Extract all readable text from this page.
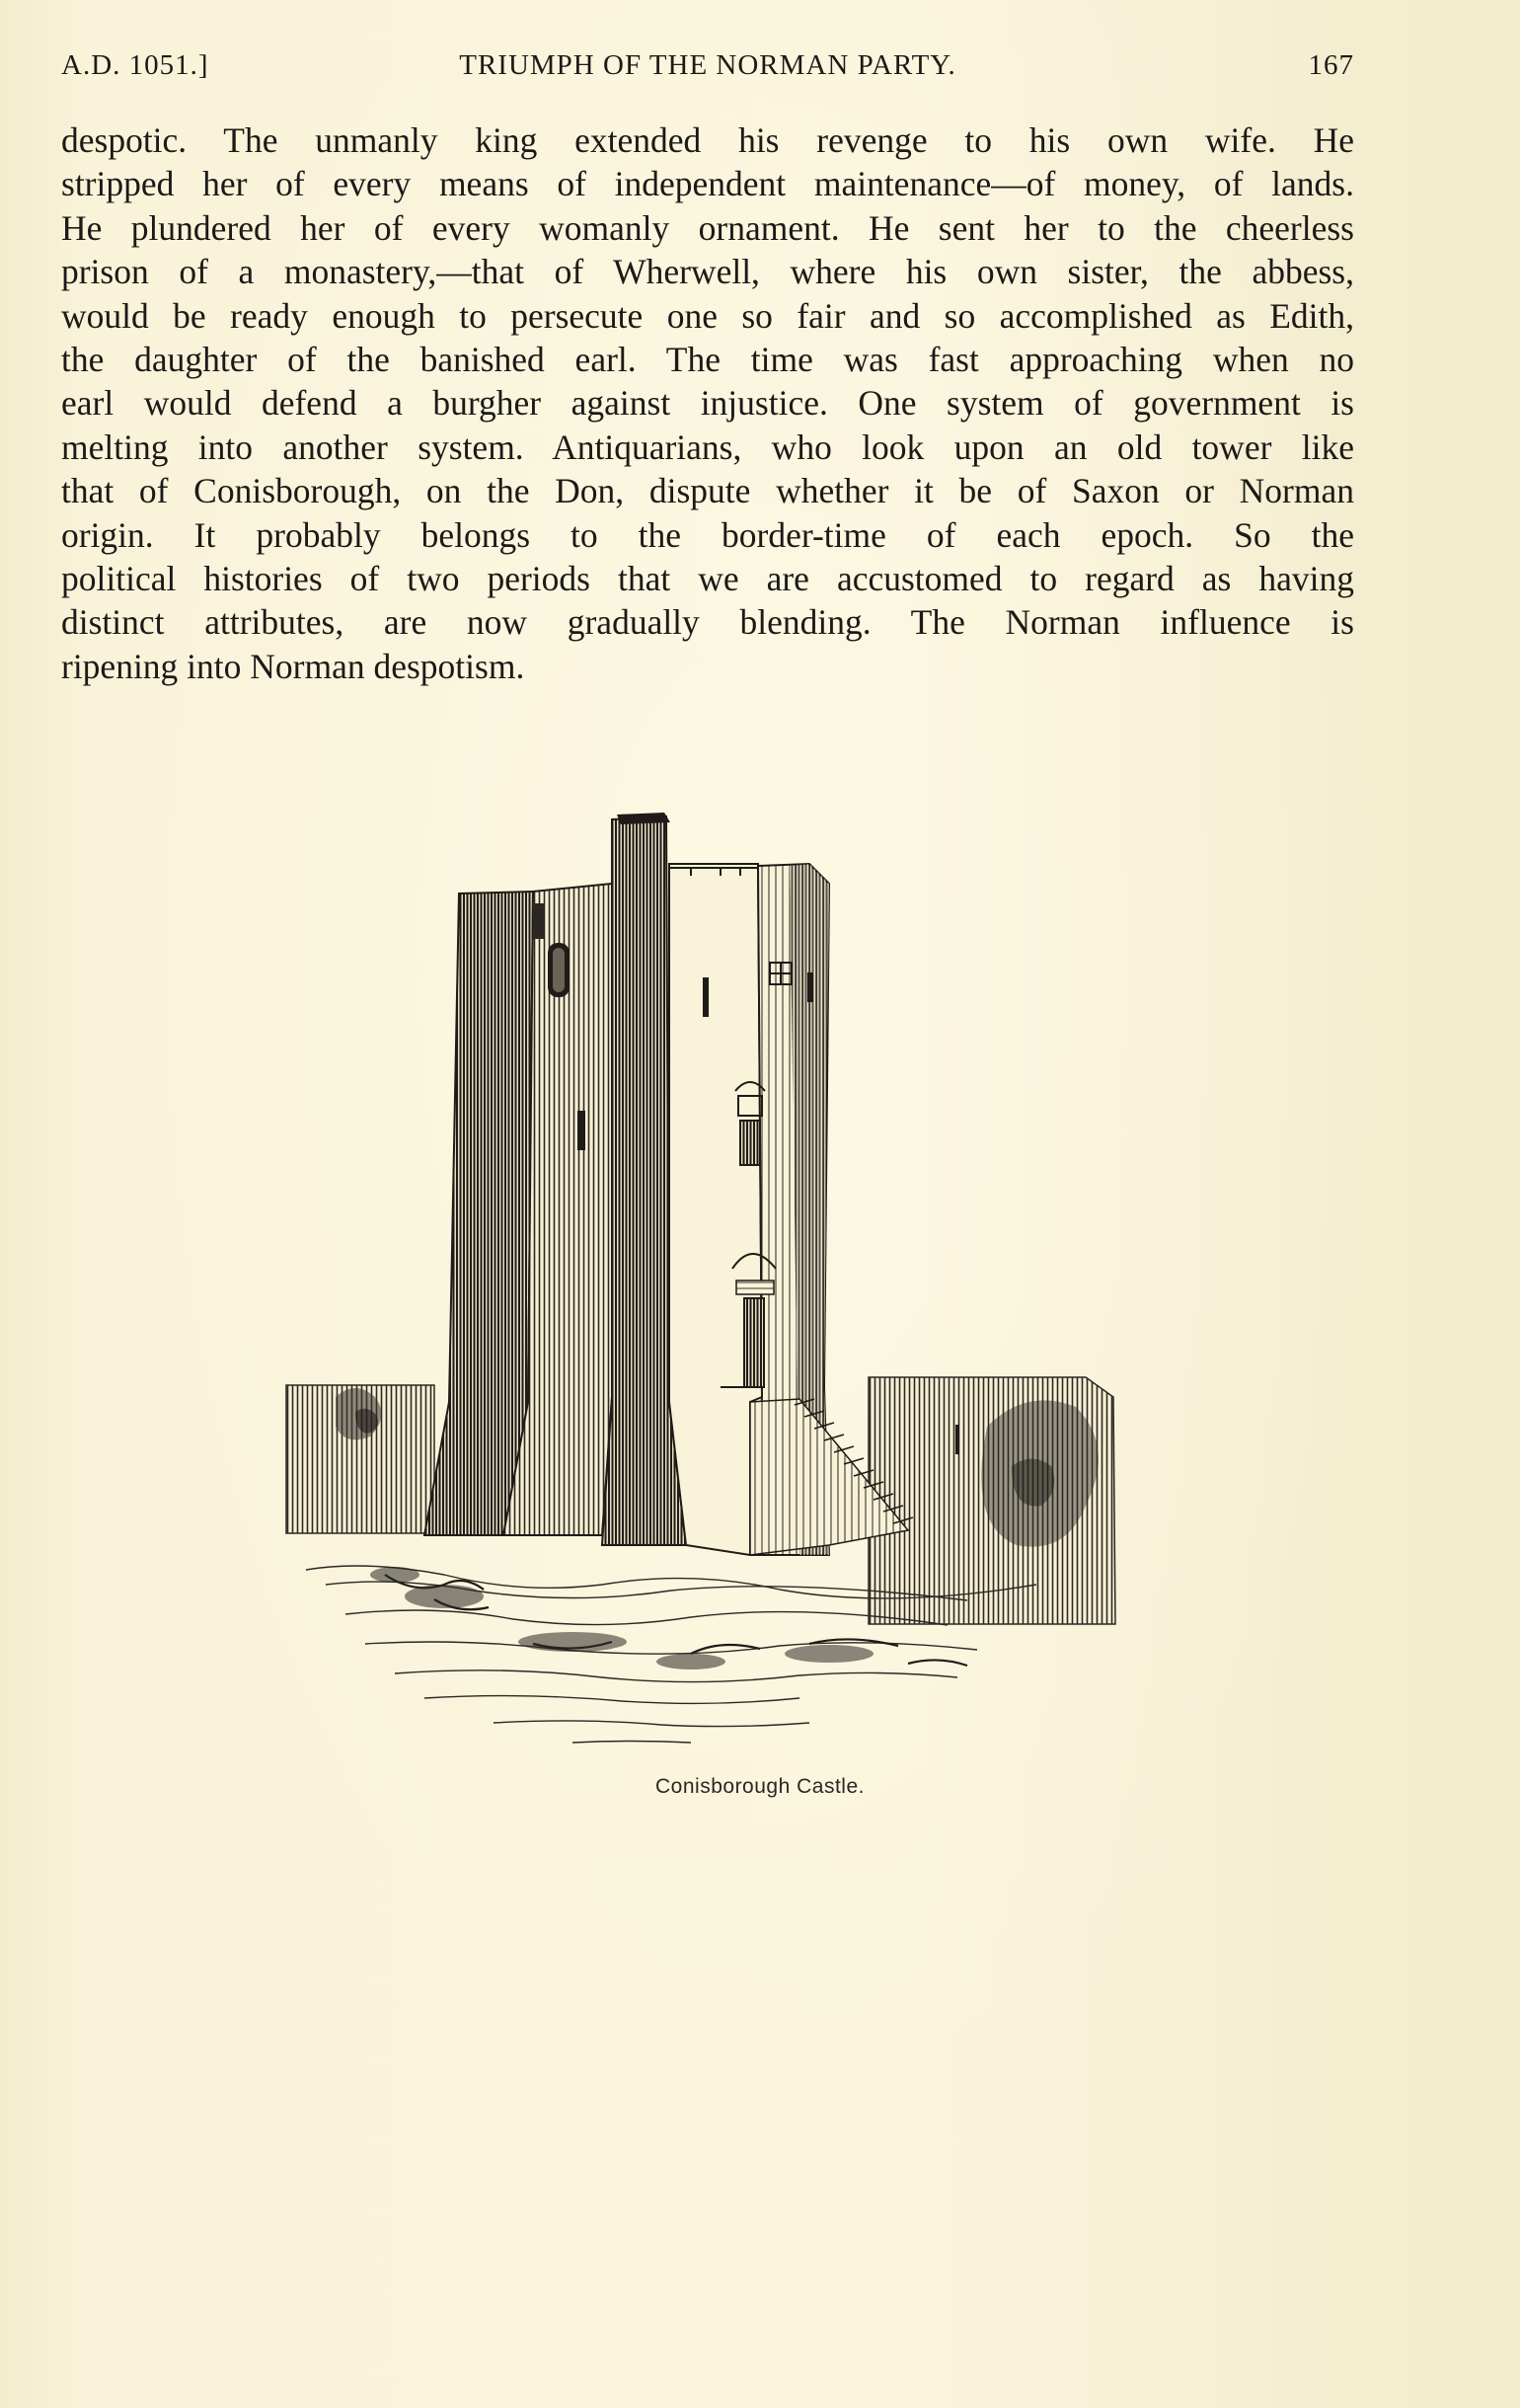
TRIUMPH OF THE NORMAN PARTY.
A.D. 1051.]	167
despotic. The unmanly king extended his revenge to his own wife. He
stripped her of every means of independent maintenance—of money, of lands.
He plundered her of every womanly ornament. He sent her to the cheerless
prison of a monastery,—that of Wherwell, where his own sister, the abbess,
would be ready enough to persecute one so fair and so accomplished as Edith,
the daughter of the banished earl. The time was fast approaching when no
earl would defend a burgher against injustice. One system of government is
melting into another system. Antiquarians, who look upon an old tower like
that of Conisborough, on the Don, dispute whether it be of Saxon or Norman
origin. It probably belongs to the border-time of each epoch. So the
political histories of two periods that we are accustomed to regard as having
distinct attributes, are now gradually blending. The Norman influence is
ripening into Norman despotism.
Conisborough Castle.
